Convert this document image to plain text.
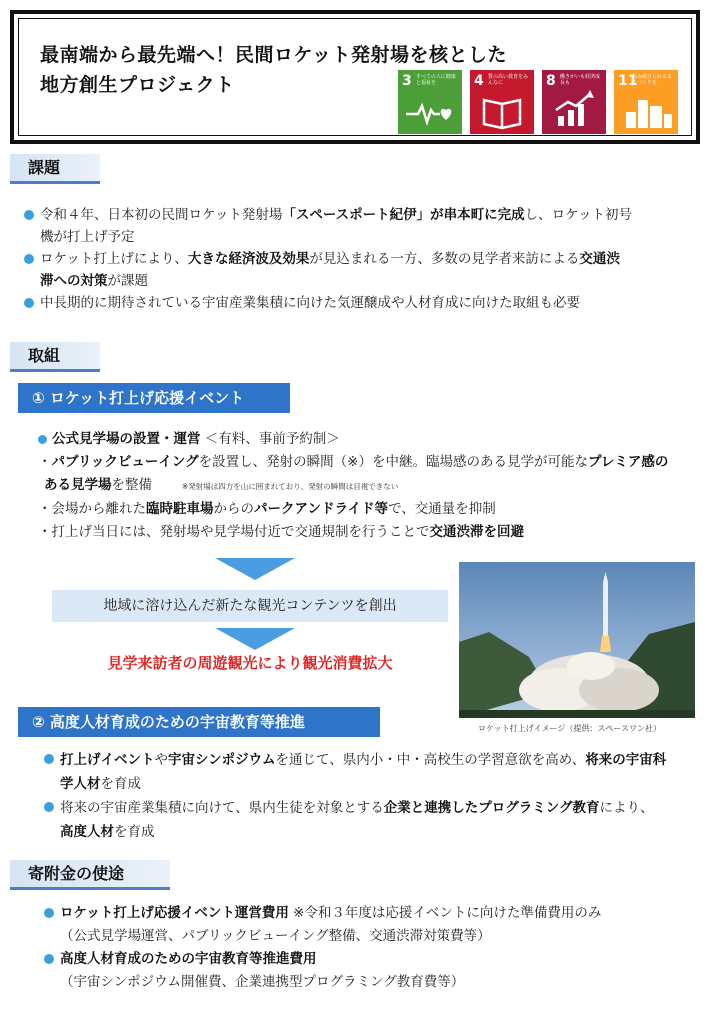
最南端から最先端へ！民間ロケット発射場を核とした
地方創生プロジェクト	3 すべての人に健康と福祉を	4 質の高い教育をみんなに	8 働きがいも経済成長も	11
住み続けられるまちづくりを
課題
令和４年、日本初の民間ロケット発射場「スペースポート紀伊」が串本町に完成し、ロケット初号
機が打上げ予定
ロケット打上げにより、大きな経済波及効果が見込まれる一方、多数の見学者来訪による交通渋
滞への対策が課題
中長期的に期待されている宇宙産業集積に向けた気運醸成や人材育成に向けた取組も必要
取組
① ロケット打上げ応援イベント
公式見学場の設置・運営 ＜有料、事前予約制＞
・パブリックビューイングを設置し、発射の瞬間（※）を中継。臨場感のある見学が可能なプレミア感の
ある見学場を整備	※発射場は四方を山に囲まれており、発射の瞬間は目視できない
・会場から離れた臨時駐車場からのパークアンドライド等で、交通量を抑制
・打上げ当日には、発射場や見学場付近で交通規制を行うことで交通渋滞を回避
地域に溶け込んだ新たな観光コンテンツを創出
見学来訪者の周遊観光により観光消費拡大
ロケット打上げイメージ（提供：スペースワン社）
② 高度人材育成のための宇宙教育等推進
打上げイベントや宇宙シンポジウムを通じて、県内小・中・高校生の学習意欲を高め、将来の宇宙科
学人材を育成
将来の宇宙産業集積に向けて、県内生徒を対象とする企業と連携したプログラミング教育により、
高度人材を育成
寄附金の使途
ロケット打上げ応援イベント運営費用 ※令和３年度は応援イベントに向けた準備費用のみ
（公式見学場運営、パブリックビューイング整備、交通渋滞対策費等）
高度人材育成のための宇宙教育等推進費用
（宇宙シンポジウム開催費、企業連携型プログラミング教育費等）
